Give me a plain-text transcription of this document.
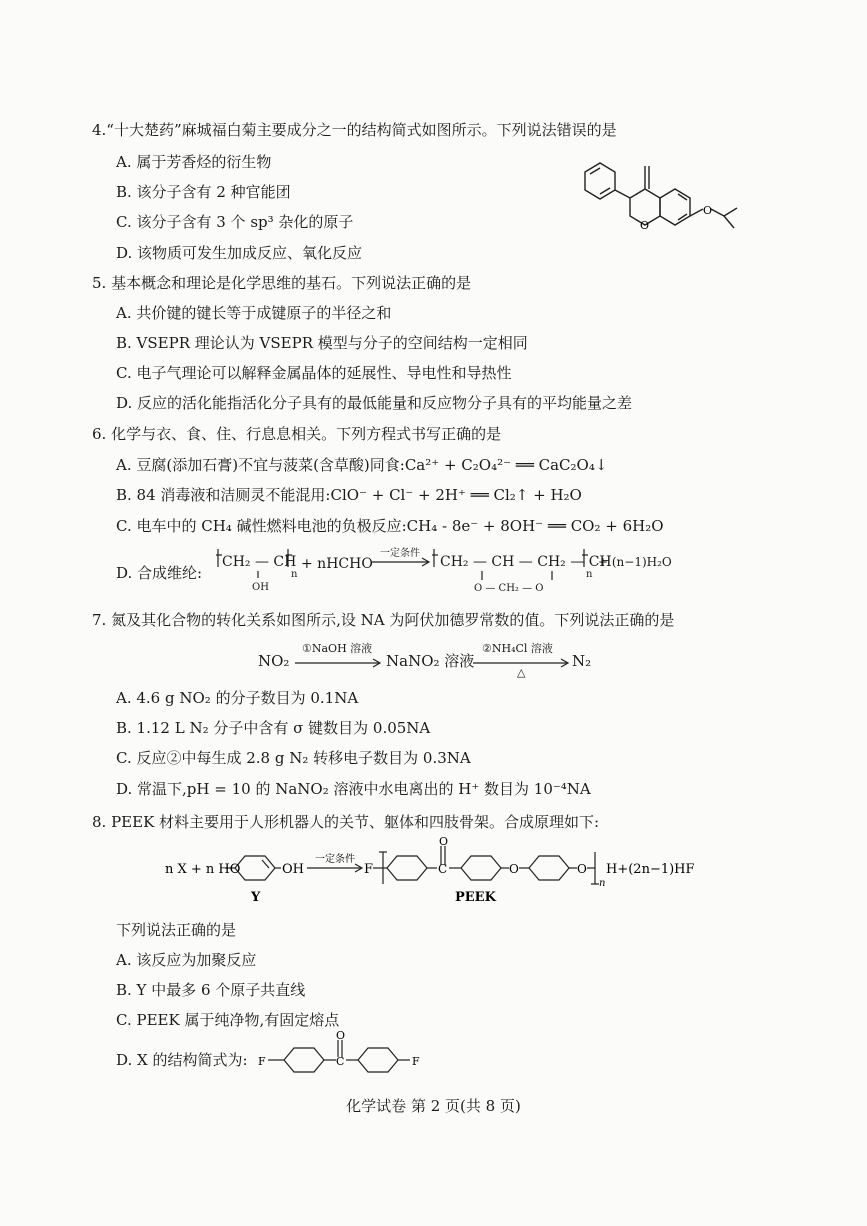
4.“十大楚药”麻城福白菊主要成分之一的结构简式如图所示。下列说法错误的是
A. 属于芳香烃的衍生物
B. 该分子含有 2 种官能团
C. 该分子含有 3 个 sp³ 杂化的原子
D. 该物质可发生加成反应、氧化反应
O
O
5. 基本概念和理论是化学思维的基石。下列说法正确的是
A. 共价键的键长等于成键原子的半径之和
B. VSEPR 理论认为 VSEPR 模型与分子的空间结构一定相同
C. 电子气理论可以解释金属晶体的延展性、导电性和导热性
D. 反应的活化能指活化分子具有的最低能量和反应物分子具有的平均能量之差
6. 化学与衣、食、住、行息息相关。下列方程式书写正确的是
A. 豆腐(添加石膏)不宜与菠菜(含草酸)同食:Ca²⁺ + C₂O₄²⁻ ══ CaC₂O₄↓
B. 84 消毒液和洁厕灵不能混用:ClO⁻ + Cl⁻ + 2H⁺ ══ Cl₂↑ + H₂O
C. 电车中的 CH₄ 碱性燃料电池的负极反应:CH₄ - 8e⁻ + 8OH⁻ ══ CO₂ + 6H₂O
D. 合成维纶:
CH₂ — CH
OH
n
+ nHCHO
一定条件
CH₂ — CH — CH₂ — CH
O — CH₂ — O
n
+ (n−1)H₂O
7. 氮及其化合物的转化关系如图所示,设 NA 为阿伏加德罗常数的值。下列说法正确的是
NO₂
①NaOH 溶液
NaNO₂ 溶液
②NH₄Cl 溶液
△
N₂
A. 4.6 g NO₂ 的分子数目为 0.1NA
B. 1.12 L N₂ 分子中含有 σ 键数目为 0.05NA
C. 反应②中每生成 2.8 g N₂ 转移电子数目为 0.3NA
D. 常温下,pH = 10 的 NaNO₂ 溶液中水电离出的 H⁺ 数目为 10⁻⁴NA
8. PEEK 材料主要用于人形机器人的关节、躯体和四肢骨架。合成原理如下:
n X + n HO	OH
一定条件
F
O
C	O	O
n
H+(2n−1)HF
Y	PEEK
下列说法正确的是
A. 该反应为加聚反应
B. Y 中最多 6 个原子共直线
C. PEEK 属于纯净物,有固定熔点
D. X 的结构简式为: F
O
C	F
化学试卷 第 2 页(共 8 页)
